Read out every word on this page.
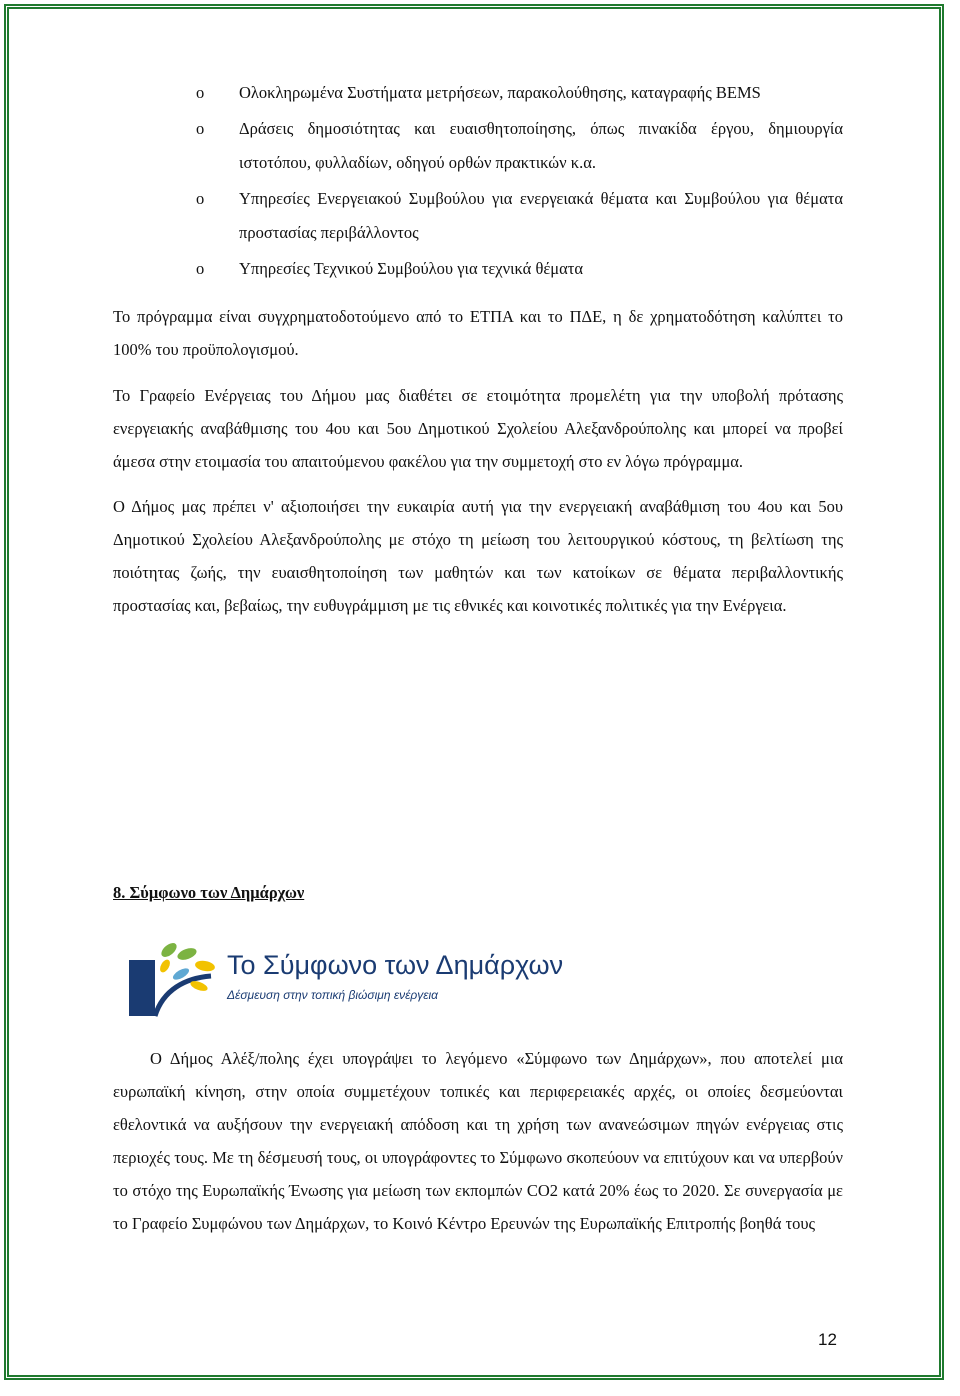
o Ολοκληρωμένα Συστήματα μετρήσεων, παρακολούθησης, καταγραφής BEMS
o Δράσεις δημοσιότητας και ευαισθητοποίησης, όπως πινακίδα έργου, δημιουργία ιστοτόπου, φυλλαδίων, οδηγού ορθών πρακτικών κ.α.
o Υπηρεσίες Ενεργειακού Συμβούλου για ενεργειακά θέματα και Συμβούλου για θέματα προστασίας περιβάλλοντος
o Υπηρεσίες Τεχνικού Συμβούλου για τεχνικά θέματα

Το πρόγραμμα είναι συγχρηματοδοτούμενο από το ΕΤΠΑ και το ΠΔΕ, η δε χρηματοδότηση καλύπτει το 100% του προϋπολογισμού.

Το Γραφείο Ενέργειας του Δήμου μας διαθέτει σε ετοιμότητα προμελέτη για την υποβολή πρότασης ενεργειακής αναβάθμισης του 4ου και 5ου Δημοτικού Σχολείου Αλεξανδρούπολης και μπορεί να προβεί άμεσα στην ετοιμασία του απαιτούμενου φακέλου για την συμμετοχή στο εν λόγω πρόγραμμα.

Ο Δήμος μας πρέπει ν' αξιοποιήσει την ευκαιρία αυτή για την ενεργειακή αναβάθμιση του 4ου και 5ου Δημοτικού Σχολείου Αλεξανδρούπολης με στόχο τη μείωση του λειτουργικού κόστους, τη βελτίωση της ποιότητας ζωής, την ευαισθητοποίηση των μαθητών και των κατοίκων σε θέματα περιβαλλοντικής προστασίας και, βεβαίως, την ευθυγράμμιση με τις εθνικές και κοινοτικές πολιτικές για την Ενέργεια.

8. Σύμφωνο των Δημάρχων
Το Σύμφωνο των Δημάρχων
Δέσμευση στην τοπική βιώσιμη ενέργεια

Ο Δήμος Αλέξ/πολης έχει υπογράψει το λεγόμενο «Σύμφωνο των Δημάρχων», που αποτελεί μια ευρωπαϊκή κίνηση, στην οποία συμμετέχουν τοπικές και περιφερειακές αρχές, οι οποίες δεσμεύονται εθελοντικά να αυξήσουν την ενεργειακή απόδοση και τη χρήση των ανανεώσιμων πηγών ενέργειας στις περιοχές τους. Με τη δέσμευσή τους, οι υπογράφοντες το Σύμφωνο σκοπεύουν να επιτύχουν και να υπερβούν το στόχο της Ευρωπαϊκής Ένωσης για μείωση των εκπομπών CO2 κατά 20% έως το 2020. Σε συνεργασία με το Γραφείο Συμφώνου των Δημάρχων, το Κοινό Κέντρο Ερευνών της Ευρωπαϊκής Επιτροπής βοηθά τους

12
